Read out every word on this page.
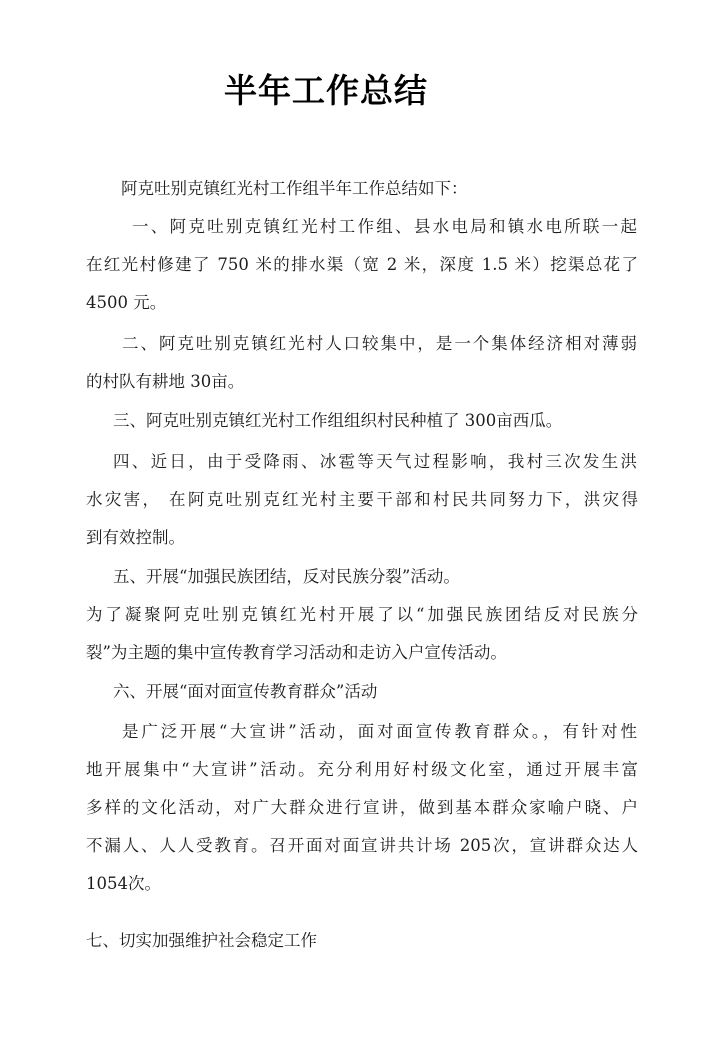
半年工作总结
阿克吐别克镇红光村工作组半年工作总结如下：
一、阿克吐别克镇红光村工作组、县水电局和镇水电所联一起
在红光村修建了 750 米的排水渠（宽 2 米，深度 1.5 米）挖渠总花了
4500 元。
二、阿克吐别克镇红光村人口较集中，是一个集体经济相对薄弱
的村队有耕地 30亩。
三、阿克吐别克镇红光村工作组组织村民种植了 300亩西瓜。
四、近日，由于受降雨、冰雹等天气过程影响，我村三次发生洪
水灾害， 在阿克吐别克红光村主要干部和村民共同努力下，洪灾得
到有效控制。
五、开展“加强民族团结，反对民族分裂”活动。
为了凝聚阿克吐别克镇红光村开展了以“加强民族团结反对民族分
裂”为主题的集中宣传教育学习活动和走访入户宣传活动。
六、开展“面对面宣传教育群众”活动
是广泛开展“大宣讲”活动，面对面宣传教育群众。，有针对性
地开展集中“大宣讲”活动。充分利用好村级文化室，通过开展丰富
多样的文化活动，对广大群众进行宣讲，做到基本群众家喻户晓、户
不漏人、人人受教育。召开面对面宣讲共计场 205次，宣讲群众达人
1054次。
七、切实加强维护社会稳定工作
